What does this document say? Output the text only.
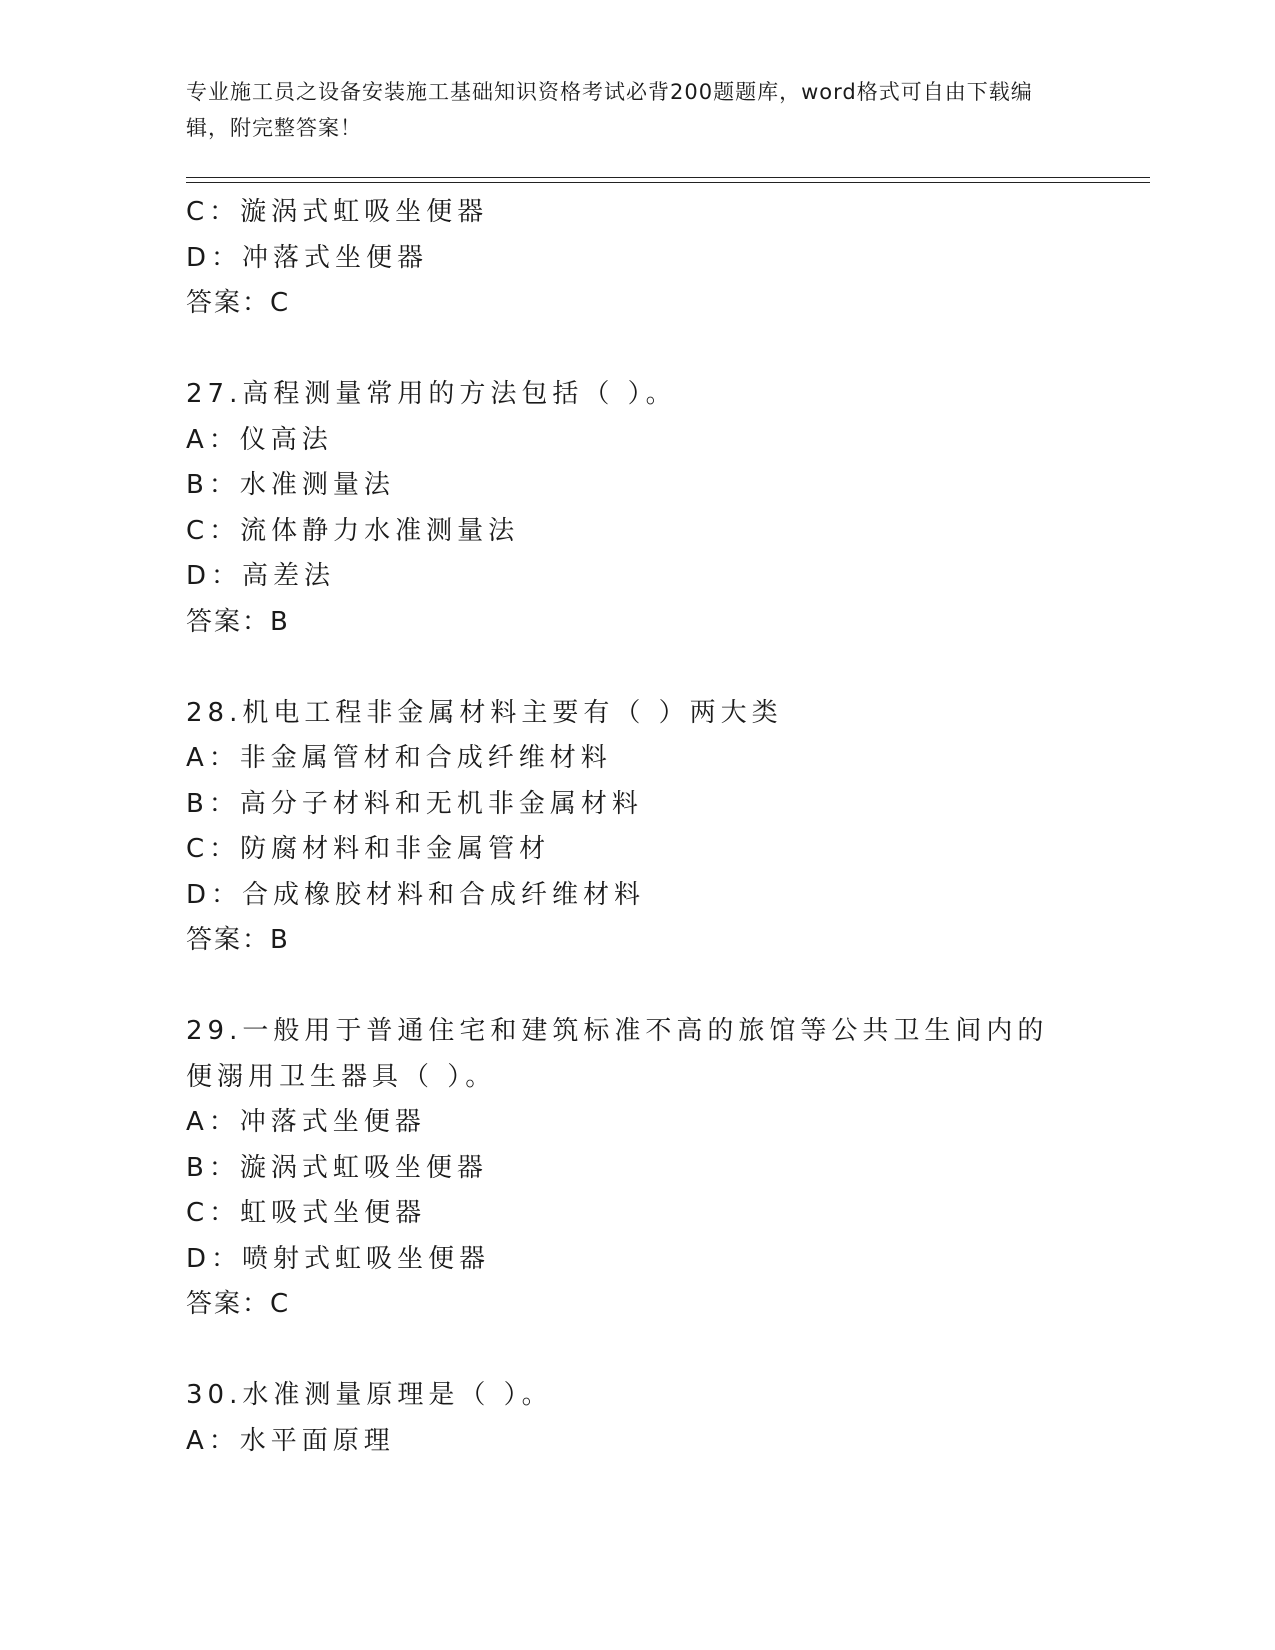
专业施工员之设备安装施工基础知识资格考试必背200题题库，word格式可自由下载编辑，附完整答案！
C：漩涡式虹吸坐便器
D：冲落式坐便器
答案：C
27.高程测量常用的方法包括（ ）。
A：仪高法
B：水准测量法
C：流体静力水准测量法
D：高差法
答案：B
28.机电工程非金属材料主要有（ ）两大类
A：非金属管材和合成纤维材料
B：高分子材料和无机非金属材料
C：防腐材料和非金属管材
D：合成橡胶材料和合成纤维材料
答案：B
29.一般用于普通住宅和建筑标准不高的旅馆等公共卫生间内的便溺用卫生器具（ ）。
A：冲落式坐便器
B：漩涡式虹吸坐便器
C：虹吸式坐便器
D：喷射式虹吸坐便器
答案：C
30.水准测量原理是（ ）。
A：水平面原理
